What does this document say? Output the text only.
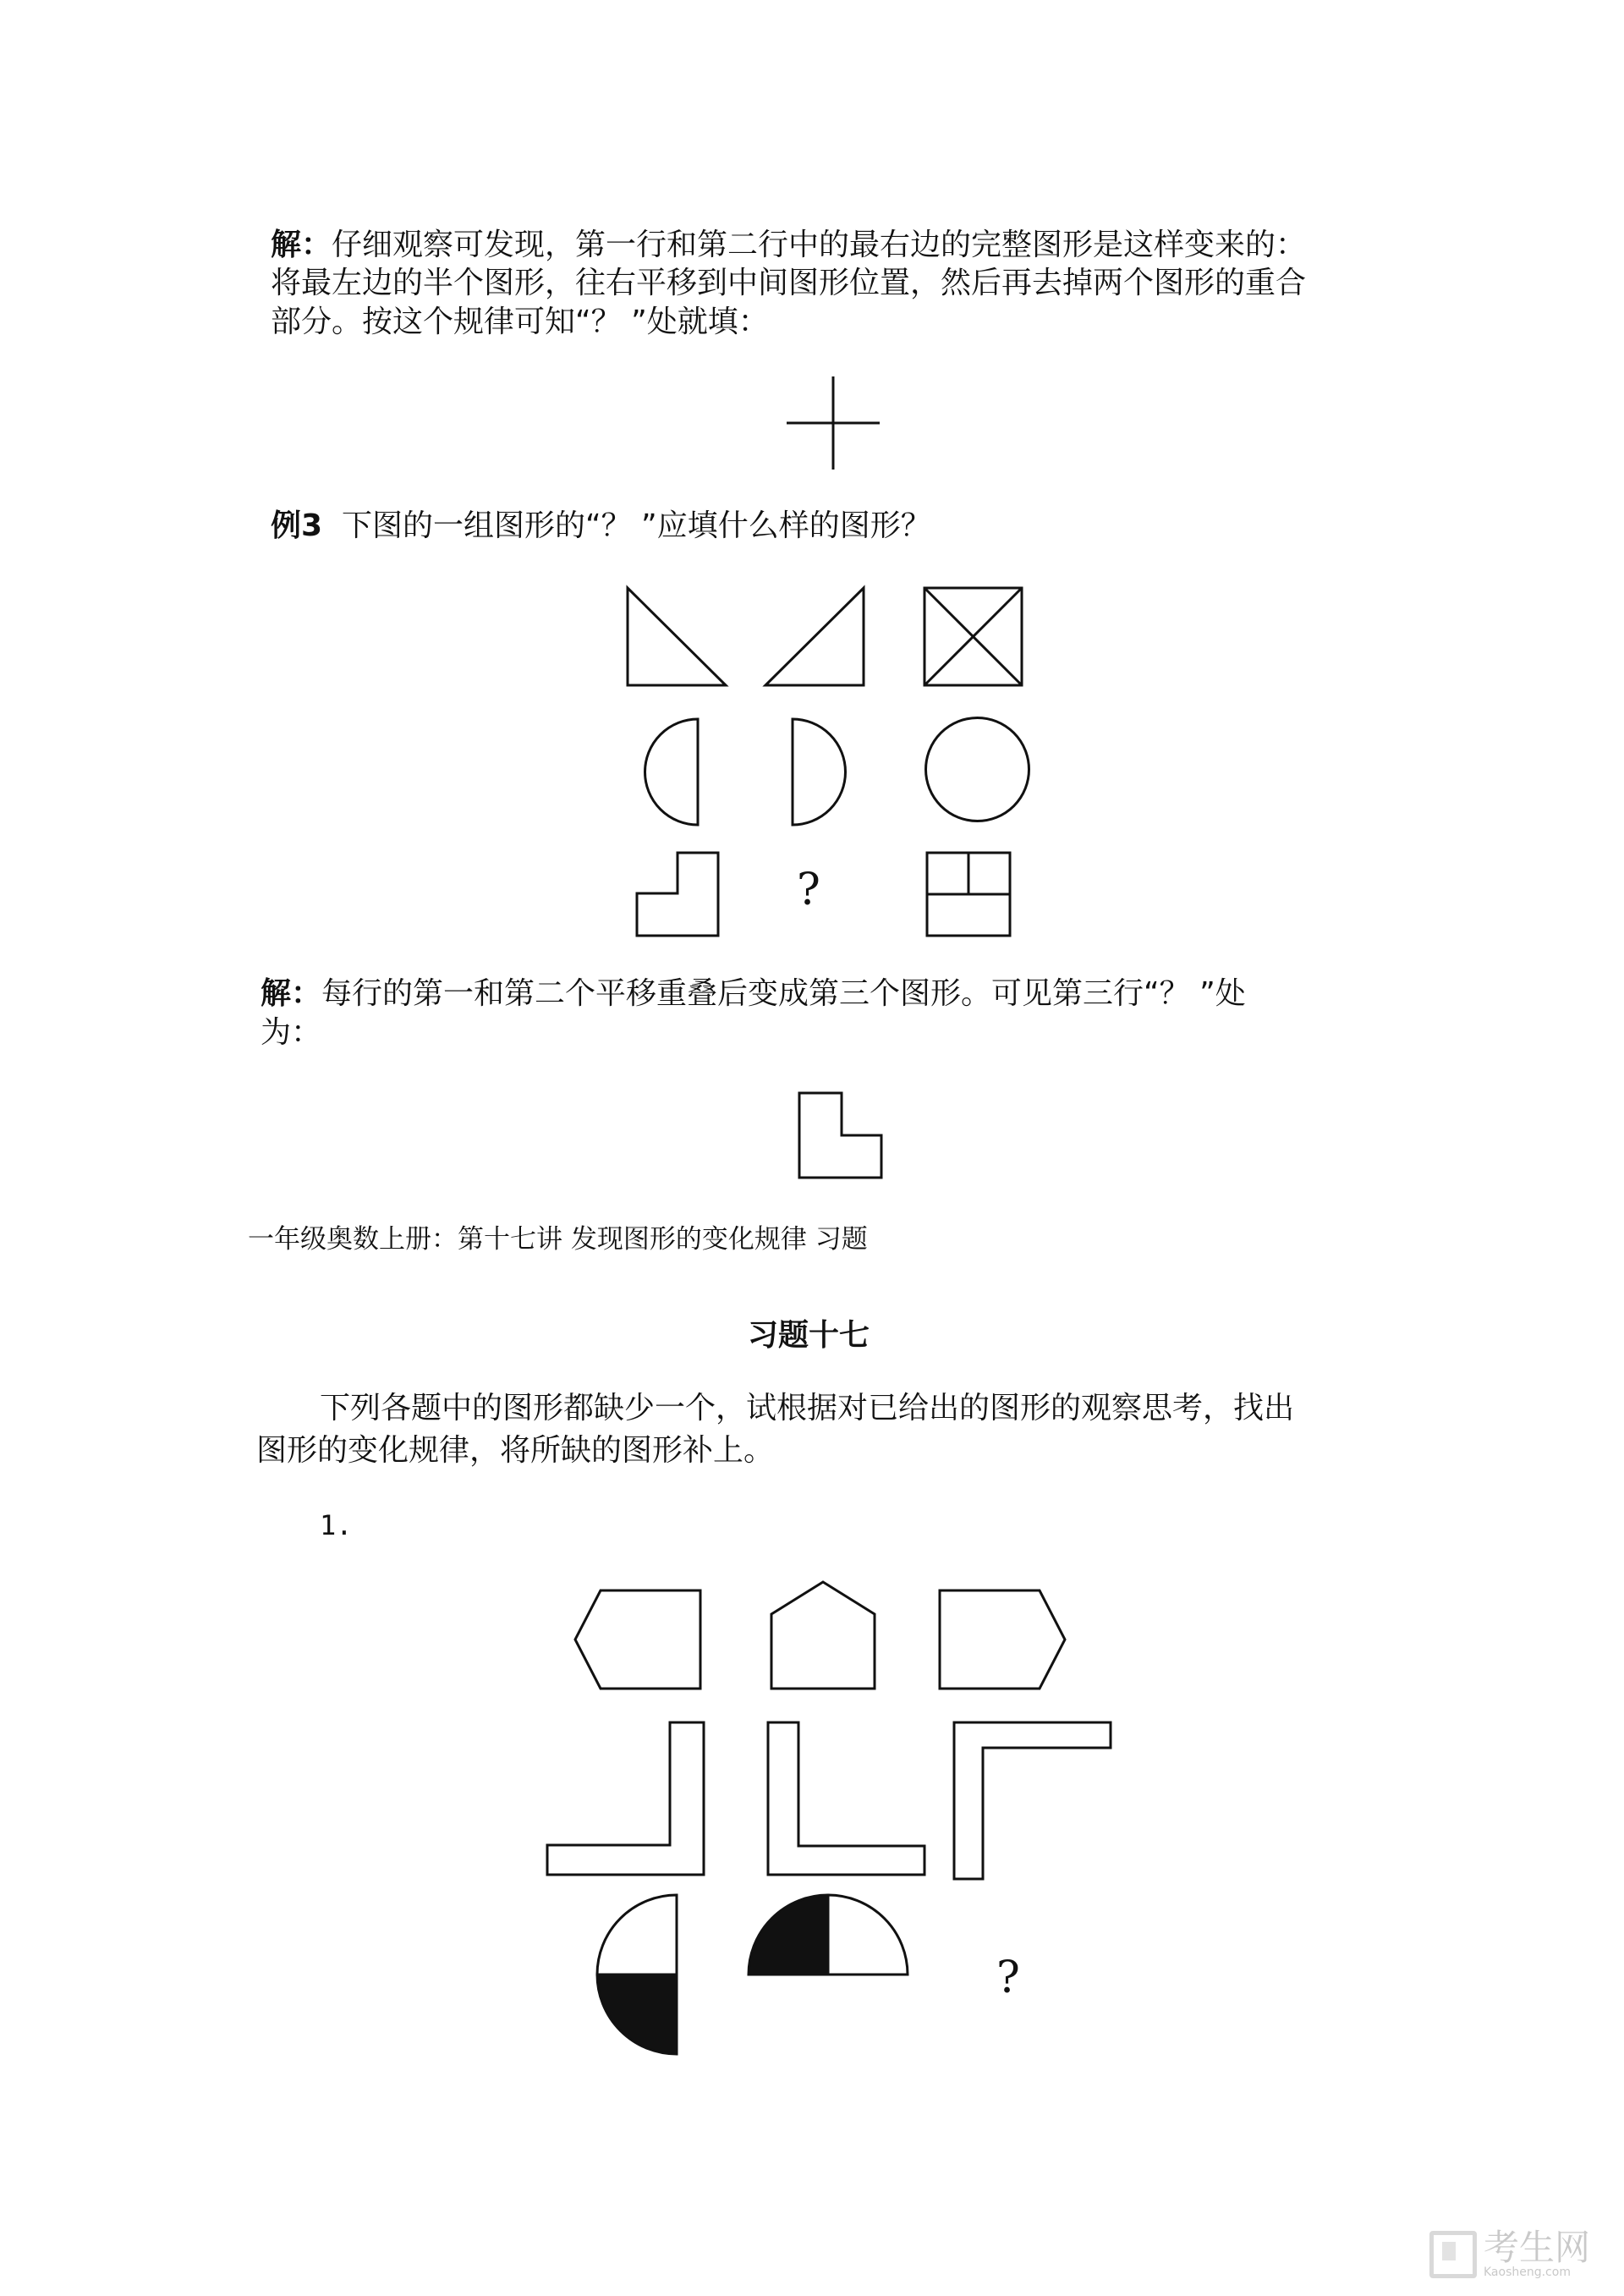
解：仔细观察可发现，第一行和第二行中的最右边的完整图形是这样变来的：
将最左边的半个图形，往右平移到中间图形位置，然后再去掉两个图形的重合
部分。按这个规律可知“？ ”处就填：
例3 下图的一组图形的“？ ”应填什么样的图形？
?
解：每行的第一和第二个平移重叠后变成第三个图形。可见第三行“？ ”处
为：
一年级奥数上册：第十七讲 发现图形的变化规律 习题
习题十七
下列各题中的图形都缺少一个，试根据对已给出的图形的观察思考，找出
图形的变化规律，将所缺的图形补上。
1.
?
考生网
Kaosheng.com
